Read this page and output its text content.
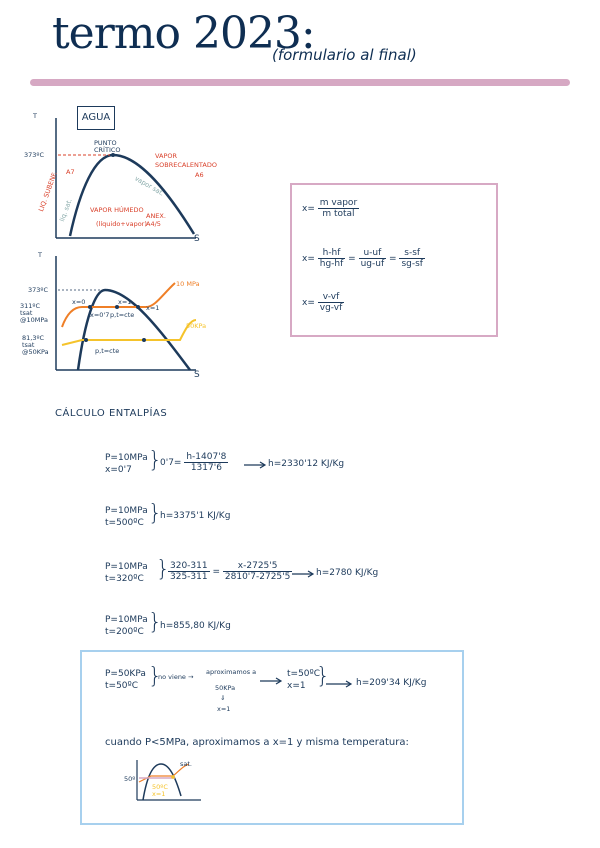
termo 2023:
(formulario al final)
AGUA
373ºC
T
S
PUNTO CRÍTICO
VAPOR SOBRECALENTADO
A6
A7
LIQ. SUBENF. liq. sat.
vapor sat.
VAPOR HÚMEDO
(líquido+vapor)
ANEX. A4/5
T
S
373ºC
311ºC tsat @10MPa
81,3ºC tsat @50KPa
10 MPa
50KPa
x=0	x=1
x=0'7 p,t=cte
x=1
p,t=cte
$x= \frac{\text{m vapor}}{\text{m total}}$
$x= \frac{h-hf}{hg-hf} = \frac{u-uf}{ug-uf} = \frac{s-sf}{sg-sf}$
$x= \frac{v-vf}{vg-vf}$
CÁLCULO ENTALPÍAS
P=10MPa
x=0'7 }
$0'7= \frac{h-1407'8}{1317'6}$	h=2330'12 KJ/Kg
P=10MPa
t=500ºC }
h=3375'1 KJ/Kg
P=10MPa
t=320ºC }
$\frac{320-311}{325-311} = \frac{x-2725'5}{2810'7-2725'5}$	h=2780 KJ/Kg
P=10MPa
t=200ºC }
h=855,80 KJ/Kg
P=50KPa
t=50ºC }
no viene →
aproximamos a
50KPa
⇓
x=1
t=50ºC
x=1 }	h=209'34 KJ/Kg
cuando P<5MPa, aproximamos a x=1 y misma temperatura:
50º
sat.
50ºC
x=1
